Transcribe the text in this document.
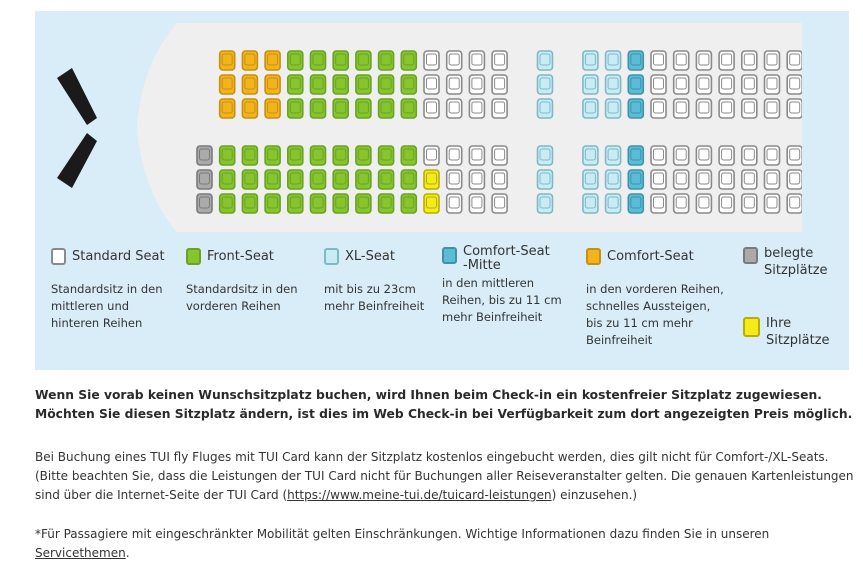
Standard Seat
Standardsitz in den
mittleren und
hinteren Reihen
Front-Seat
Standardsitz in den
vorderen Reihen
XL-Seat
mit bis zu 23cm
mehr Beinfreiheit
Comfort-Seat
-Mitte
in den mittleren
Reihen, bis zu 11 cm
mehr Beinfreiheit
Comfort-Seat
in den vorderen Reihen,
schnelles Aussteigen,
bis zu 11 cm mehr
Beinfreiheit
belegte
Sitzplätze
Ihre
Sitzplätze
Wenn Sie vorab keinen Wunschsitzplatz buchen, wird Ihnen beim Check-in ein kostenfreier Sitzplatz zugewiesen.
Möchten Sie diesen Sitzplatz ändern, ist dies im Web Check-in bei Verfügbarkeit zum dort angezeigten Preis möglich.
Bei Buchung eines TUI fly Fluges mit TUI Card kann der Sitzplatz kostenlos eingebucht werden, dies gilt nicht für Comfort-/XL-Seats.
(Bitte beachten Sie, dass die Leistungen der TUI Card nicht für Buchungen aller Reiseveranstalter gelten. Die genauen Kartenleistungen
sind über die Internet-Seite der TUI Card (https://www.meine-tui.de/tuicard-leistungen) einzusehen.)
*Für Passagiere mit eingeschränkter Mobilität gelten Einschränkungen. Wichtige Informationen dazu finden Sie in unseren
Servicethemen.
